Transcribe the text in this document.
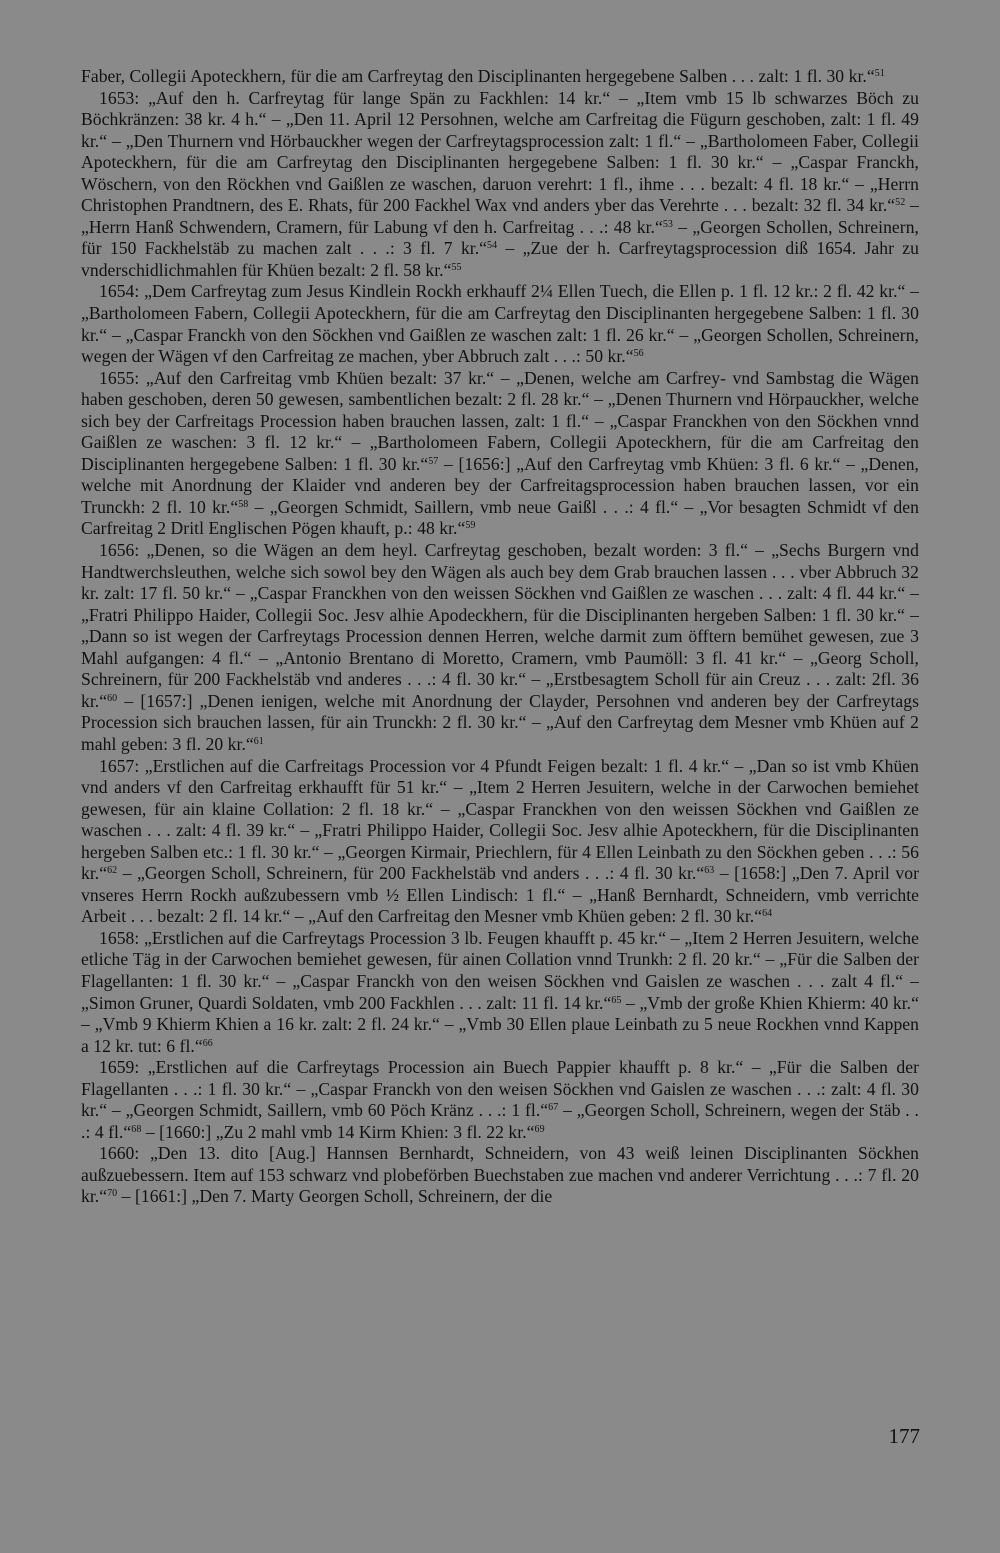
Faber, Collegii Apoteckhern, für die am Carfreytag den Disciplinanten hergegebene Salben . . . zalt: 1 fl. 30 kr.“$^{51}$

1653: „Auf den h. Carfreytag für lange Spän zu Fackhlen: 14 kr.“ – „Item vmb 15 lb schwarzes Böch zu Böchkränzen: 38 kr. 4 h.“ – „Den 11. April 12 Persohnen, welche am Carfreitag die Fügurn geschoben, zalt: 1 fl. 49 kr.“ – „Den Thurnern vnd Hörbauckher wegen der Carfreytagsprocession zalt: 1 fl.“ – „Bartholomeen Faber, Collegii Apoteckhern, für die am Carfreytag den Disciplinanten hergegebene Salben: 1 fl. 30 kr.“ – „Caspar Franckh, Wöschern, von den Röckhen vnd Gaißlen ze waschen, daruon verehrt: 1 fl., ihme . . . bezalt: 4 fl. 18 kr.“ – „Herrn Christophen Prandtnern, des E. Rhats, für 200 Fackhel Wax vnd anders yber das Verehrte . . . bezalt: 32 fl. 34 kr.“$^{52}$ – „Herrn Hanß Schwendern, Cramern, für Labung vf den h. Carfreitag . . .: 48 kr.“$^{53}$ – „Georgen Schollen, Schreinern, für 150 Fackhelstäb zu machen zalt . . .: 3 fl. 7 kr.“$^{54}$ – „Zue der h. Carfreytagsprocession diß 1654. Jahr zu vnderschidlichmahlen für Khüen bezalt: 2 fl. 58 kr.“$^{55}$

1654: „Dem Carfreytag zum Jesus Kindlein Rockh erkhauff 2¼ Ellen Tuech, die Ellen p. 1 fl. 12 kr.: 2 fl. 42 kr.“ – „Bartholomeen Fabern, Collegii Apoteckhern, für die am Carfreytag den Disciplinanten hergegebene Salben: 1 fl. 30 kr.“ – „Caspar Franckh von den Söckhen vnd Gaißlen ze waschen zalt: 1 fl. 26 kr.“ – „Georgen Schollen, Schreinern, wegen der Wägen vf den Carfreitag ze machen, yber Abbruch zalt . . .: 50 kr.“$^{56}$

1655: „Auf den Carfreitag vmb Khüen bezalt: 37 kr.“ – „Denen, welche am Carfrey- vnd Sambstag die Wägen haben geschoben, deren 50 gewesen, sambentlichen bezalt: 2 fl. 28 kr.“ – „Denen Thurnern vnd Hörpauckher, welche sich bey der Carfreitags Procession haben brauchen lassen, zalt: 1 fl.“ – „Caspar Franckhen von den Söckhen vnnd Gaißlen ze waschen: 3 fl. 12 kr.“ – „Bartholomeen Fabern, Collegii Apoteckhern, für die am Carfreitag den Disciplinanten hergegebene Salben: 1 fl. 30 kr.“$^{57}$ – [1656:] „Auf den Carfreytag vmb Khüen: 3 fl. 6 kr.“ – „Denen, welche mit Anordnung der Klaider vnd anderen bey der Carfreitagsprocession haben brauchen lassen, vor ein Trunckh: 2 fl. 10 kr.“$^{58}$ – „Georgen Schmidt, Saillern, vmb neue Gaißl . . .: 4 fl.“ – „Vor besagten Schmidt vf den Carfreitag 2 Dritl Englischen Pögen khauft, p.: 48 kr.“$^{59}$

1656: „Denen, so die Wägen an dem heyl. Carfreytag geschoben, bezalt worden: 3 fl.“ – „Sechs Burgern vnd Handtwerchsleuthen, welche sich sowol bey den Wägen als auch bey dem Grab brauchen lassen . . . vber Abbruch 32 kr. zalt: 17 fl. 50 kr.“ – „Caspar Franckhen von den weissen Söckhen vnd Gaißlen ze waschen . . . zalt: 4 fl. 44 kr.“ – „Fratri Philippo Haider, Collegii Soc. Jesv alhie Apodeckhern, für die Disciplinanten hergeben Salben: 1 fl. 30 kr.“ – „Dann so ist wegen der Carfreytags Procession dennen Herren, welche darmit zum öfftern bemühet gewesen, zue 3 Mahl aufgangen: 4 fl.“ – „Antonio Brentano di Moretto, Cramern, vmb Paumöll: 3 fl. 41 kr.“ – „Georg Scholl, Schreinern, für 200 Fackhelstäb vnd anderes . . .: 4 fl. 30 kr.“ – „Erstbesagtem Scholl für ain Creuz . . . zalt: 2fl. 36 kr.“$^{60}$ – [1657:] „Denen ienigen, welche mit Anordnung der Clayder, Persohnen vnd anderen bey der Carfreytags Procession sich brauchen lassen, für ain Trunckh: 2 fl. 30 kr.“ – „Auf den Carfreytag dem Mesner vmb Khüen auf 2 mahl geben: 3 fl. 20 kr.“$^{61}$

1657: „Erstlichen auf die Carfreitags Procession vor 4 Pfundt Feigen bezalt: 1 fl. 4 kr.“ – „Dan so ist vmb Khüen vnd anders vf den Carfreitag erkhaufft für 51 kr.“ – „Item 2 Herren Jesuitern, welche in der Carwochen bemiehet gewesen, für ain klaine Collation: 2 fl. 18 kr.“ – „Caspar Franckhen von den weissen Söckhen vnd Gaißlen ze waschen . . . zalt: 4 fl. 39 kr.“ – „Fratri Philippo Haider, Collegii Soc. Jesv alhie Apoteckhern, für die Disciplinanten hergeben Salben etc.: 1 fl. 30 kr.“ – „Georgen Kirmair, Priechlern, für 4 Ellen Leinbath zu den Söckhen geben . . .: 56 kr.“$^{62}$ – „Georgen Scholl, Schreinern, für 200 Fackhelstäb vnd anders . . .: 4 fl. 30 kr.“$^{63}$ – [1658:] „Den 7. April vor vnseres Herrn Rockh außzubessern vmb ½ Ellen Lindisch: 1 fl.“ – „Hanß Bernhardt, Schneidern, vmb verrichte Arbeit . . . bezalt: 2 fl. 14 kr.“ – „Auf den Carfreitag den Mesner vmb Khüen geben: 2 fl. 30 kr.“$^{64}$

1658: „Erstlichen auf die Carfreytags Procession 3 lb. Feugen khaufft p. 45 kr.“ – „Item 2 Herren Jesuitern, welche etliche Täg in der Carwochen bemiehet gewesen, für ainen Collation vnnd Trunkh: 2 fl. 20 kr.“ – „Für die Salben der Flagellanten: 1 fl. 30 kr.“ – „Caspar Franckh von den weisen Söckhen vnd Gaislen ze waschen . . . zalt 4 fl.“ – „Simon Gruner, Quardi Soldaten, vmb 200 Fackhlen . . . zalt: 11 fl. 14 kr.“$^{65}$ – „Vmb der große Khien Khierm: 40 kr.“ – „Vmb 9 Khierm Khien a 16 kr. zalt: 2 fl. 24 kr.“ – „Vmb 30 Ellen plaue Leinbath zu 5 neue Rockhen vnnd Kappen a 12 kr. tut: 6 fl.“$^{66}$

1659: „Erstlichen auf die Carfreytags Procession ain Buech Pappier khaufft p. 8 kr.“ – „Für die Salben der Flagellanten . . .: 1 fl. 30 kr.“ – „Caspar Franckh von den weisen Söckhen vnd Gaislen ze waschen . . .: zalt: 4 fl. 30 kr.“ – „Georgen Schmidt, Saillern, vmb 60 Pöch Kränz . . .: 1 fl.“$^{67}$ – „Georgen Scholl, Schreinern, wegen der Stäb . . .: 4 fl.“$^{68}$ – [1660:] „Zu 2 mahl vmb 14 Kirm Khien: 3 fl. 22 kr.“$^{69}$

1660: „Den 13. dito [Aug.] Hannsen Bernhardt, Schneidern, von 43 weiß leinen Disciplinanten Söckhen außzuebessern. Item auf 153 schwarz vnd plobeförben Buechstaben zue machen vnd anderer Verrichtung . . .: 7 fl. 20 kr.“$^{70}$ – [1661:] „Den 7. Marty Georgen Scholl, Schreinern, der die

177
